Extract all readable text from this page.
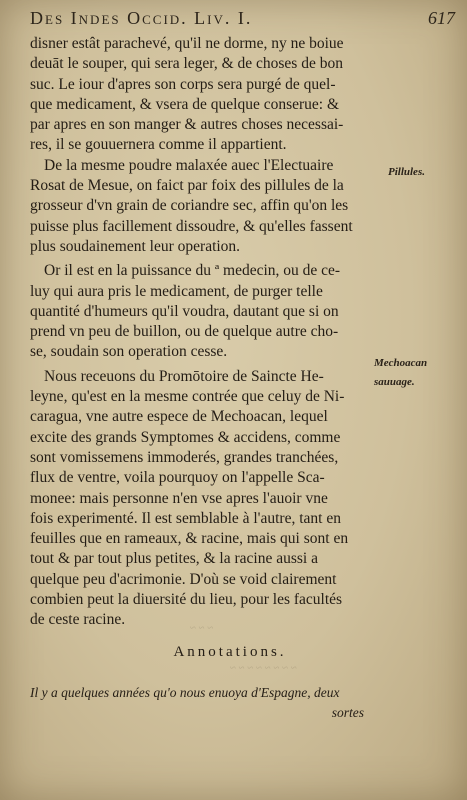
Des Indes Occid. Liv. I.	617
disner estât parachevé, qu'il ne dorme, ny ne boiue
deuāt le souper, qui sera leger, & de choses de bon
suc. Le iour d'apres son corps sera purgé de quel-
que medicament, & vsera de quelque conserue: &
par apres en son manger & autres choses necessai-
res, il se gouuernera comme il appartient.
De la mesme poudre malaxée auec l'Electuaire
Rosat de Mesue, on faict par foix des pillules de la
grosseur d'vn grain de coriandre sec, affin qu'on les
puisse plus facillement dissoudre, & qu'elles fassent
plus soudainement leur operation.
Or il est en la puissance du ª medecin, ou de ce-
luy qui aura pris le medicament, de purger telle
quantité d'humeurs qu'il voudra, dautant que si on
prend vn peu de buillon, ou de quelque autre cho-
se, soudain son operation cesse.
Nous receuons du Promōtoire de Saincte He-
leyne, qu'est en la mesme contrée que celuy de Ni-
caragua, vne autre espece de Mechoacan, lequel
excite des grands Symptomes & accidens, comme
sont vomissemens immoderés, grandes tranchées,
flux de ventre, voila pourquoy on l'appelle Sca-
monee: mais personne n'en vse apres l'auoir vne
fois experimenté. Il est semblable à l'autre, tant en
feuilles que en rameaux, & racine, mais qui sont en
tout & par tout plus petites, & la racine aussi a
quelque peu d'acrimonie. D'où se void clairement
combien peut la diuersité du lieu, pour les facultés
de ceste racine.
Pillules.
Mechoacan
sauuage.
~ ~ ~
~ ~ ~ ~ ~ ~ ~ ~
Annotations.
Il y a quelques années qu'o nous enuoya d'Espagne, deux
sortes
